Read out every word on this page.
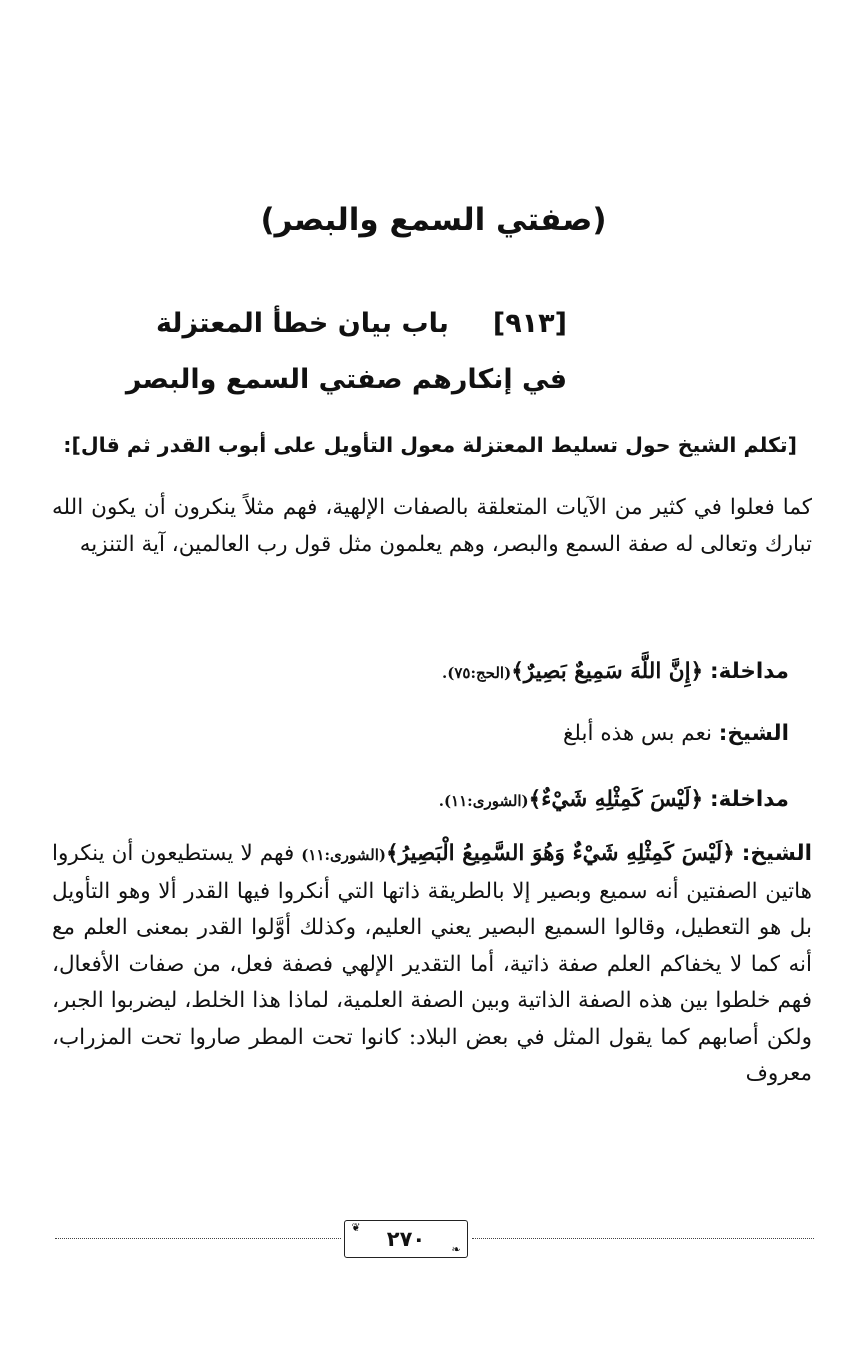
(صفتي السمع والبصر)
[٩١٣]باب بيان خطأ المعتزلة
في إنكارهم صفتي السمع والبصر
[تكلم الشيخ حول تسليط المعتزلة معول التأويل على أبوب القدر ثم قال]:
كما فعلوا في كثير من الآيات المتعلقة بالصفات الإلهية، فهم مثلاً ينكرون أن يكون الله تبارك وتعالى له صفة السمع والبصر، وهم يعلمون مثل قول رب العالمين، آية التنزيه
مداخلة: ﴿إِنَّ اللَّهَ سَمِيعٌ بَصِيرٌ﴾(الحج:٧٥).
الشيخ: نعم بس هذه أبلغ
مداخلة: ﴿لَيْسَ كَمِثْلِهِ شَيْءٌ﴾(الشورى:١١).
الشيخ: ﴿لَيْسَ كَمِثْلِهِ شَيْءٌ وَهُوَ السَّمِيعُ الْبَصِيرُ﴾(الشورى:١١) فهم لا يستطيعون أن ينكروا هاتين الصفتين أنه سميع وبصير إلا بالطريقة ذاتها التي أنكروا فيها القدر ألا وهو التأويل بل هو التعطيل، وقالوا السميع البصير يعني العليم، وكذلك أوَّلوا القدر بمعنى العلم مع أنه كما لا يخفاكم العلم صفة ذاتية، أما التقدير الإلهي فصفة فعل، من صفات الأفعال، فهم خلطوا بين هذه الصفة الذاتية وبين الصفة العلمية، لماذا هذا الخلط، ليضربوا الجبر، ولكن أصابهم كما يقول المثل في بعض البلاد: كانوا تحت المطر صاروا تحت المزراب، معروف
❦ ٢٧٠ ❧
